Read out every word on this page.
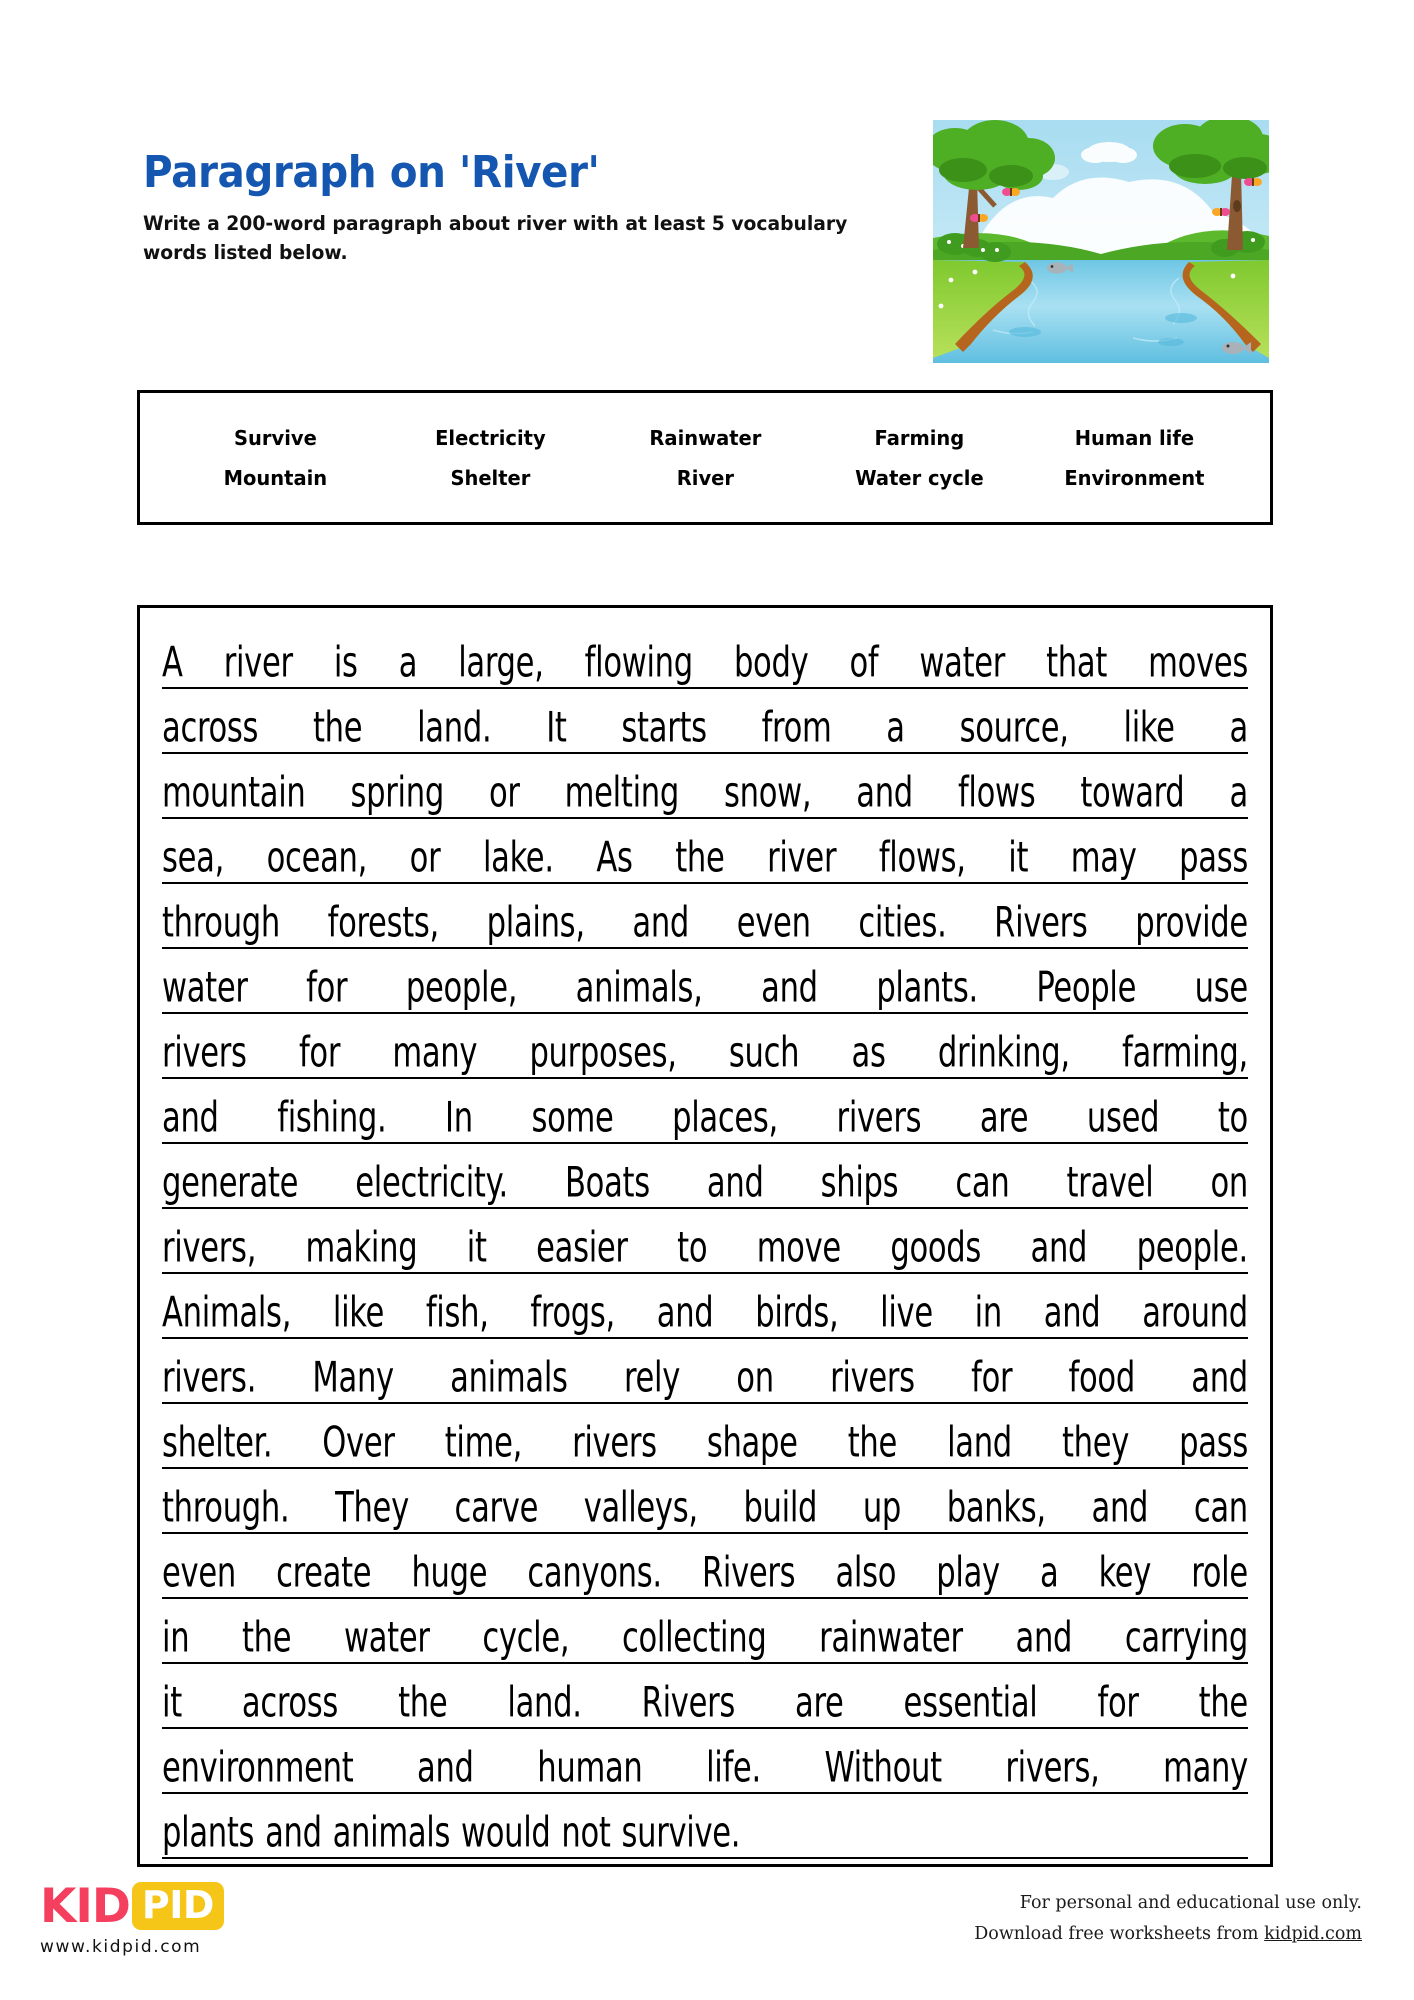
Paragraph on 'River'

Write a 200-word paragraph about river with at least 5 vocabulary words listed below.

Survive	Electricity	Rainwater	Farming	Human life
Mountain	Shelter	River	Water cycle	Environment
A river is a large, flowing body of water that moves
across the land. It starts from a source, like a
mountain spring or melting snow, and flows toward a
sea, ocean, or lake. As the river flows, it may pass
through forests, plains, and even cities. Rivers provide
water for people, animals, and plants. People use
rivers for many purposes, such as drinking, farming,
and fishing. In some places, rivers are used to
generate electricity. Boats and ships can travel on
rivers, making it easier to move goods and people.
Animals, like fish, frogs, and birds, live in and around
rivers. Many animals rely on rivers for food and
shelter. Over time, rivers shape the land they pass
through. They carve valleys, build up banks, and can
even create huge canyons. Rivers also play a key role
in the water cycle, collecting rainwater and carrying
it across the land. Rivers are essential for the
environment and human life. Without rivers, many
plants and animals would not survive.
KID PID
www.kidpid.com
For personal and educational use only.
Download free worksheets from kidpid.com
